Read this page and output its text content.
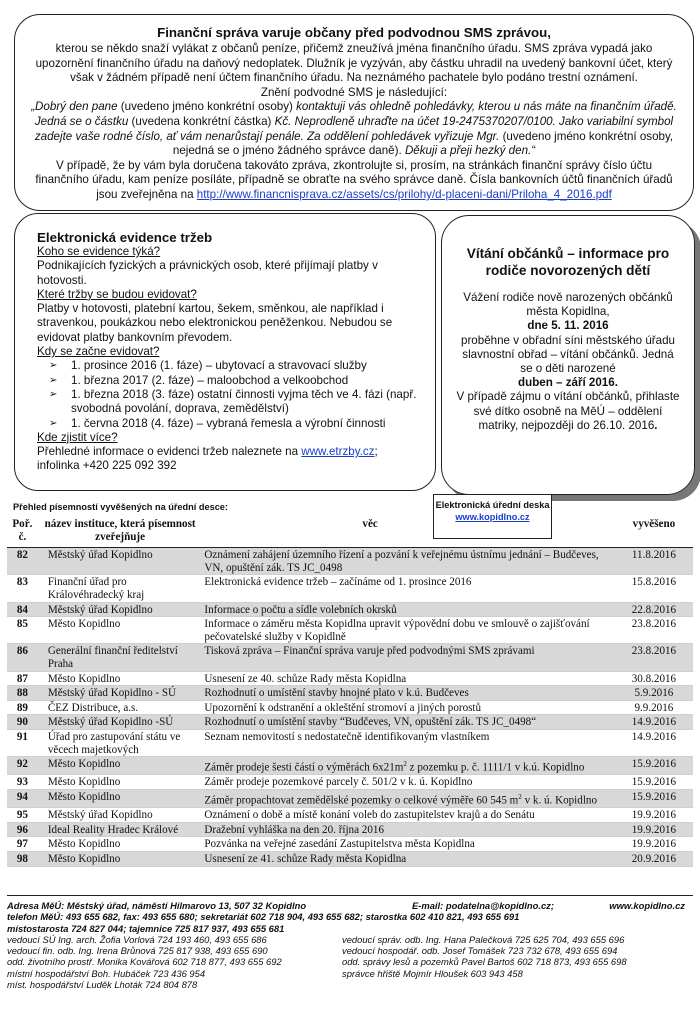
Finanční správa varuje občany před podvodnou SMS zprávou,
kterou se někdo snaží vylákat z občanů peníze, přičemž zneužívá jména finančního úřadu. SMS zpráva vypadá jako upozornění finančního úřadu na daňový nedoplatek. Dlužník je vyzýván, aby částku uhradil na uvedený bankovní účet, který však v žádném případě není účtem finančního úřadu. Na neznámého pachatele bylo podáno trestní oznámení.
Znění podvodné SMS je následující:
„Dobrý den pane (uvedeno jméno konkrétní osoby) kontaktuji vás ohledně pohledávky, kterou u nás máte na finančním úřadě. Jedná se o částku (uvedena konkrétní částka) Kč. Neprodleně uhraďte na účet 19-2475370207/0100. Jako variabilní symbol zadejte vaše rodné číslo, ať vám nenarůstají penále. Za oddělení pohledávek vyřizuje Mgr. (uvedeno jméno konkrétní osoby, nejedná se o jméno žádného správce daně). Děkuji a přeji hezký den.“
V případě, že by vám byla doručena takováto zpráva, zkontrolujte si, prosím, na stránkách finanční správy číslo účtu finančního úřadu, kam peníze posíláte, případně se obraťte na svého správce daně. Čísla bankovních účtů finančních úřadů jsou zveřejněna na http://www.financnisprava.cz/assets/cs/prilohy/d-placeni-dani/Priloha_4_2016.pdf
Elektronická evidence tržeb
Koho se evidence týká?
Podnikajících fyzických a právnických osob, které přijímají platby v hotovosti.
Které tržby se budou evidovat?
Platby v hotovosti, platební kartou, šekem, směnkou, ale například i stravenkou, poukázkou nebo elektronickou peněženkou. Nebudou se evidovat platby bankovním převodem.
Kdy se začne evidovat?
➢ 1. prosince 2016 (1. fáze) – ubytovací a stravovací služby
➢ 1. března 2017 (2. fáze) – maloobchod a velkoobchod
➢ 1. března 2018 (3. fáze) ostatní činnosti vyjma těch ve 4. fázi (např. svobodná povolání, doprava, zemědělství)
➢ 1. června 2018 (4. fáze) – vybraná řemesla a výrobní činnosti
Kde zjistit více?
Přehledné informace o evidenci tržeb naleznete na www.etrzby.cz; infolinka +420 225 092 392
Vítání občánků – informace pro rodiče novorozených dětí
Vážení rodiče nově narozených občánků města Kopidlna,
dne 5. 11. 2016
proběhne v obřadní síni městského úřadu slavnostní obřad – vítání občánků. Jedná se o děti narozené
duben – září 2016.
V případě zájmu o vítání občánků, přihlaste své dítko osobně na MěÚ – oddělení matriky, nejpozději do 26.10. 2016.
Přehled písemností vyvěšených na úřední desce:	Elektronická úřední deska
www.kopidlno.cz
Poř. č.	název instituce, která písemnost zveřejňuje	věc	vyvěšeno
82	Městský úřad Kopidlno	Oznámení zahájení územního řízení a pozvání k veřejnému ústnímu jednání – Budčeves, VN, opuštění zák. TS JC_0498	11.8.2016
83	Finanční úřad pro Královéhradecký kraj	Elektronická evidence tržeb – začínáme od 1. prosince 2016	15.8.2016
84	Městský úřad Kopidlno	Informace o počtu a sídle volebních okrsků	22.8.2016
85	Město Kopidlno	Informace o záměru města Kopidlna upravit výpovědní dobu ve smlouvě o zajišťování pečovatelské služby v Kopidlně	23.8.2016
86	Generální finanční ředitelství Praha	Tisková zpráva – Finanční správa varuje před podvodnými SMS zprávami	23.8.2016
87	Město Kopidlno	Usnesení ze 40. schůze Rady města Kopidlna	30.8.2016
88	Městský úřad Kopidlno - SÚ	Rozhodnutí o umístění stavby hnojné plato v k.ú. Budčeves	5.9.2016
89	ČEZ Distribuce, a.s.	Upozornění k odstranění a okleštění stromoví a jiných porostů	9.9.2016
90	Městský úřad Kopidlno -SÚ	Rozhodnutí o umístění stavby “Budčeves, VN, opuštění zák. TS JC_0498“	14.9.2016
91	Úřad pro zastupování státu ve věcech majetkových	Seznam nemovitostí s nedostatečně identifikovaným vlastníkem	14.9.2016
92	Město Kopidlno	Záměr prodeje šesti částí o výměrách $6x21m^2$ z pozemku p. č. 1111/1 v k.ú. Kopidlno	15.9.2016
93	Město Kopidlno	Záměr prodeje pozemkové parcely č. 501/2 v k. ú. Kopidlno	15.9.2016
94	Město Kopidlno	Záměr propachtovat zemědělské pozemky o celkové výměře 60 545 $m^2$ v k. ú. Kopidlno	15.9.2016
95	Městský úřad Kopidlno	Oznámení o době a místě konání voleb do zastupitelstev krajů a do Senátu	19.9.2016
96	Ideal Reality Hradec Králové	Dražební vyhláška na den 20. října 2016	19.9.2016
97	Město Kopidlno	Pozvánka na veřejné zasedání Zastupitelstva města Kopidlna	19.9.2016
98	Město Kopidlno	Usnesení ze 41. schůze Rady města Kopidlna	20.9.2016
Adresa MěÚ: Městský úřad, náměstí Hilmarovo 13, 507 32 Kopidlno	E-mail: podatelna@kopidlno.cz;	www.kopidlno.cz
telefon MěÚ: 493 655 682, fax: 493 655 680; sekretariát 602 718 904, 493 655 682; starostka 602 410 821, 493 655 691
místostarosta 724 827 044; tajemnice 725 817 937, 493 655 681
vedoucí SÚ Ing. arch. Žofia Vorlová 724 193 460, 493 655 686
vedoucí fin. odb. Ing. Irena Brůnová 725 817 938, 493 655 690
odd. životního prostř. Monika Kovářová 602 718 877, 493 655 692
místní hospodářství Boh. Hubáček 723 436 954
míst. hospodářství Luděk Lhoták 724 804 878
vedoucí správ. odb. Ing. Hana Palečková 725 625 704, 493 655 696
vedoucí hospodář. odb. Josef Tomášek 723 732 678, 493 655 694
odd. správy lesů a pozemků Pavel Bartoš 602 718 873, 493 655 698
správce hřiště Mojmír Hloušek 603 943 458
